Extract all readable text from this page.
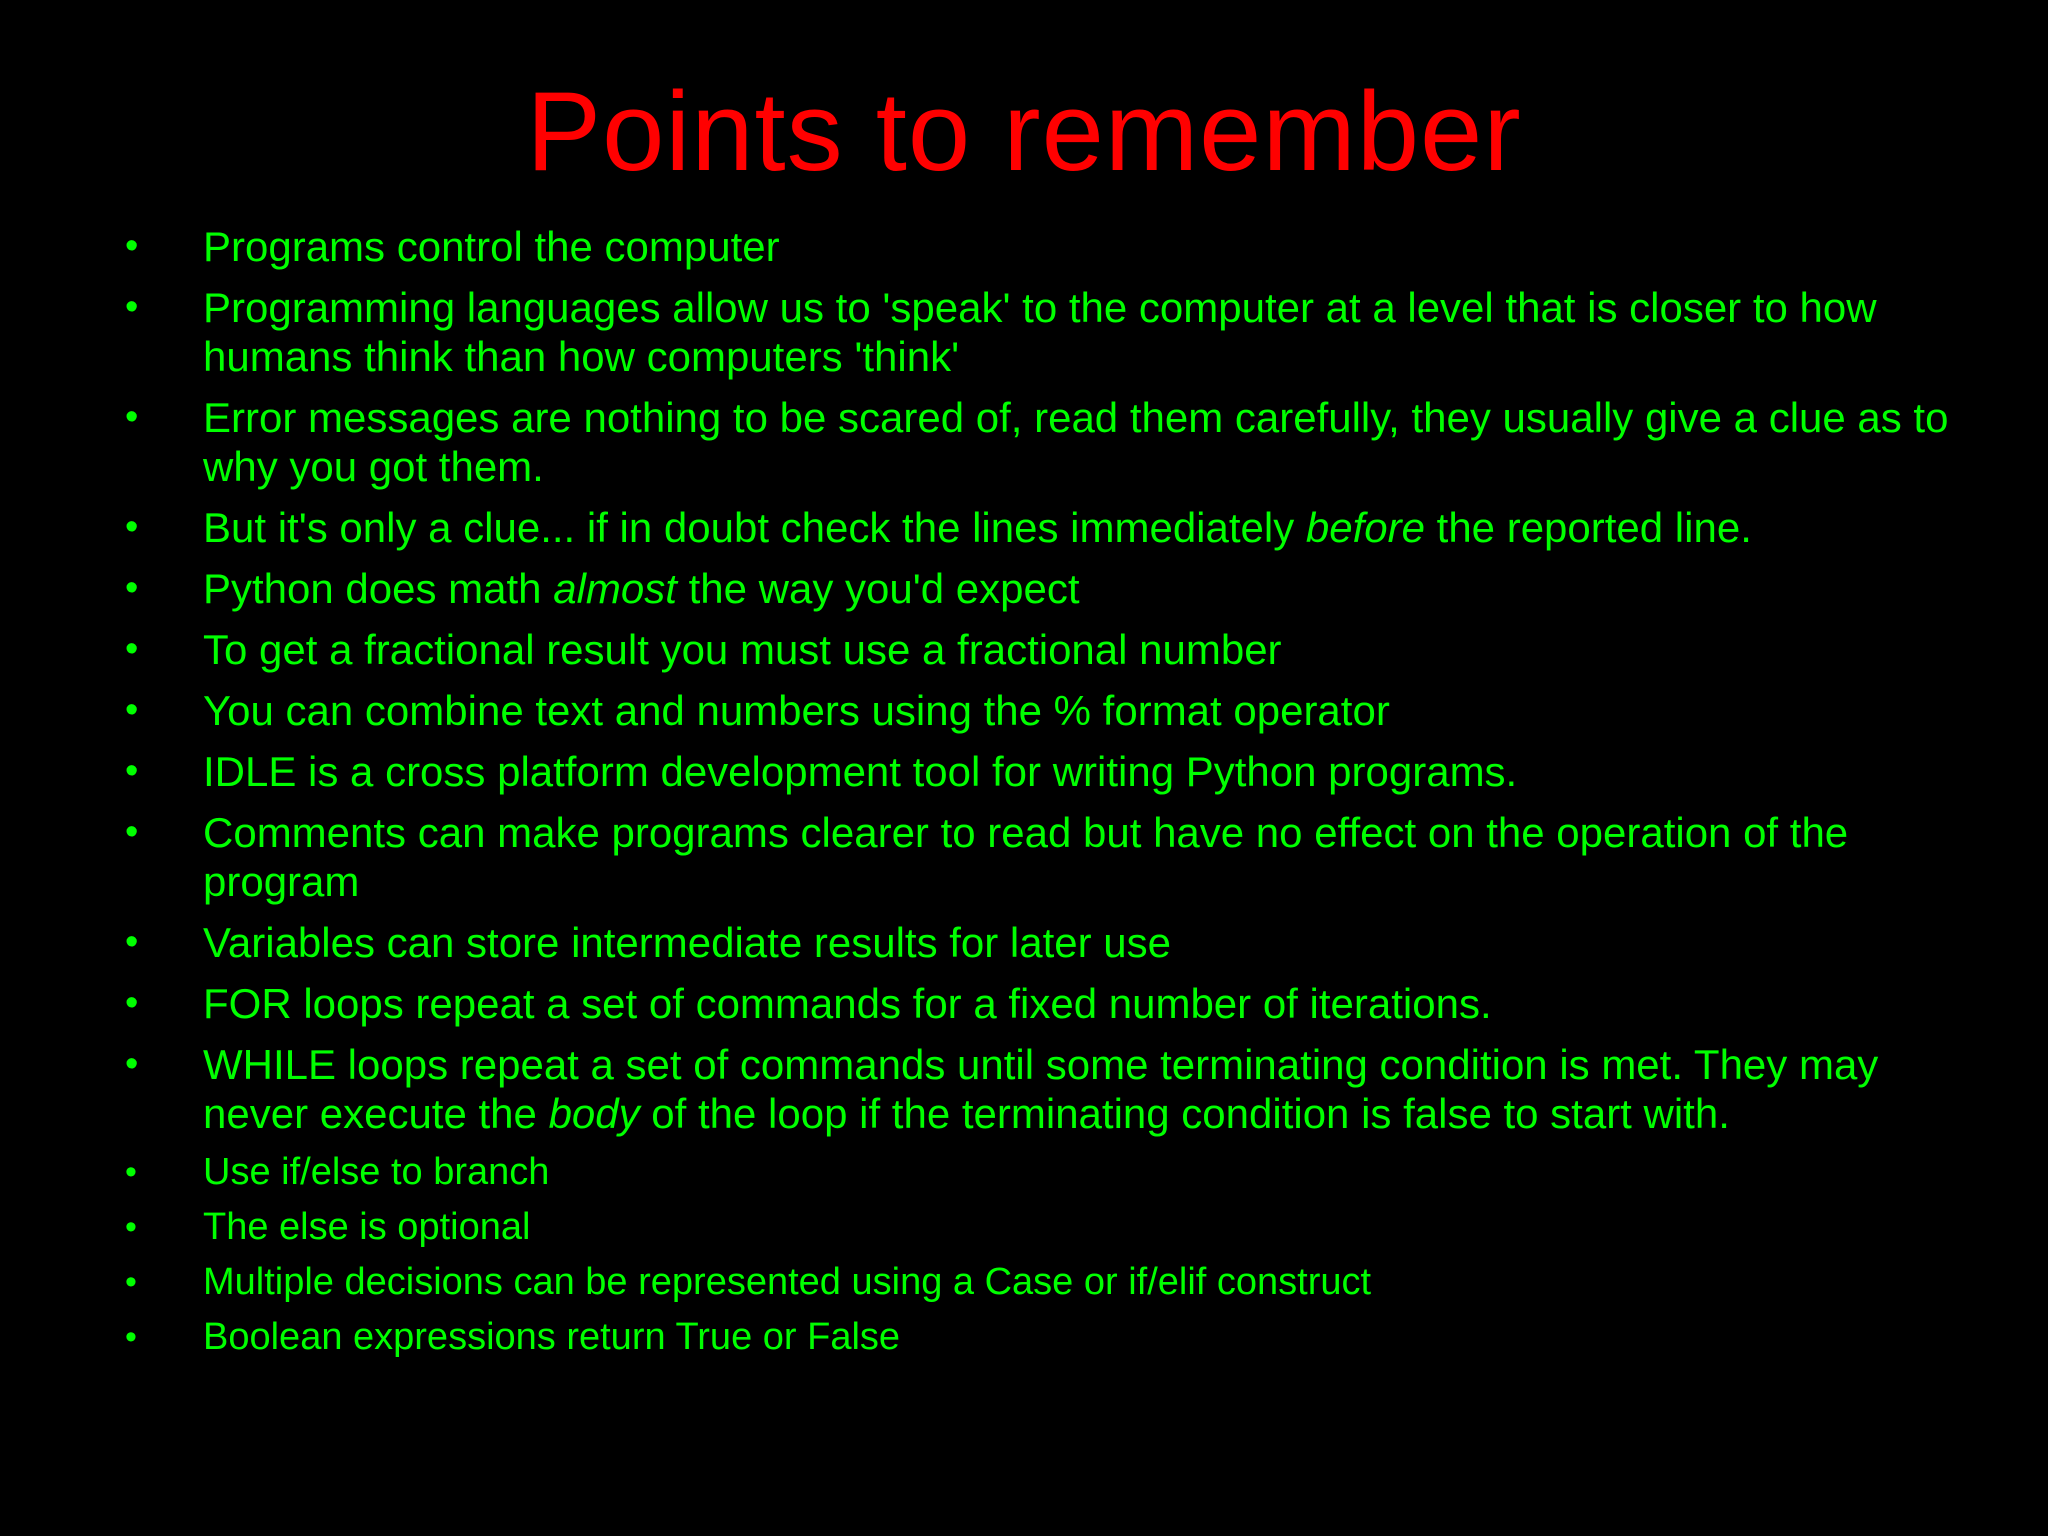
Points to remember
• Programs control the computer
• Programming languages allow us to 'speak' to the computer at a level that is closer to how humans think than how computers 'think'
• Error messages are nothing to be scared of, read them carefully, they usually give a clue as to why you got them.
• But it's only a clue... if in doubt check the lines immediately before the reported line.
• Python does math almost the way you'd expect
• To get a fractional result you must use a fractional number
• You can combine text and numbers using the % format operator
• IDLE is a cross platform development tool for writing Python programs.
• Comments can make programs clearer to read but have no effect on the operation of the program
• Variables can store intermediate results for later use
• FOR loops repeat a set of commands for a fixed number of iterations.
• WHILE loops repeat a set of commands until some terminating condition is met. They may never execute the body of the loop if the terminating condition is false to start with.
• Use if/else to branch
• The else is optional
• Multiple decisions can be represented using a Case or if/elif construct
• Boolean expressions return True or False
